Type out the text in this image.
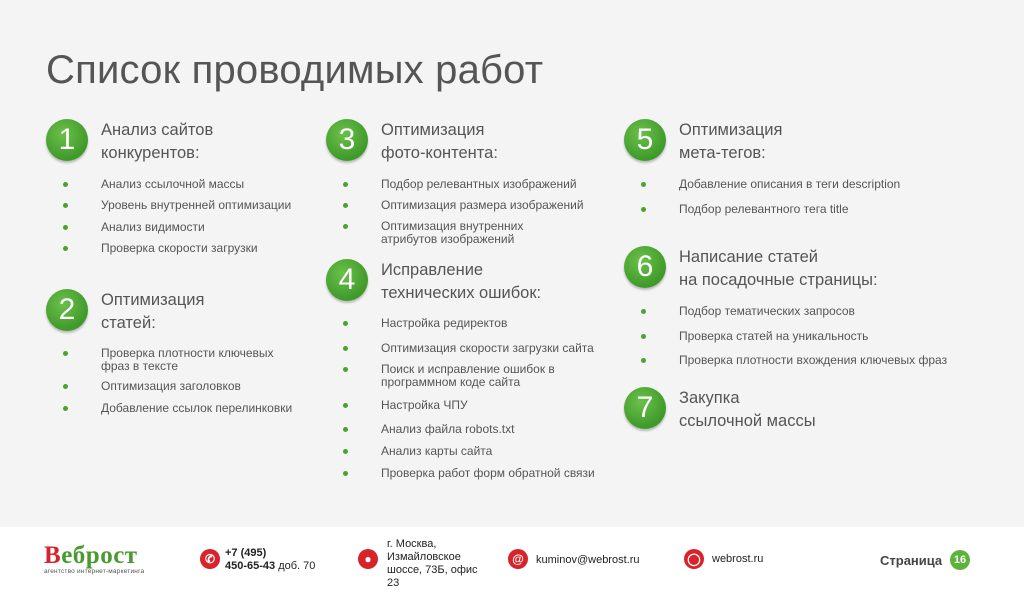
Список проводимых работ
1	Анализ сайтов
конкурентов:
Анализ ссылочной массы
Уровень внутренней оптимизации
Анализ видимости
Проверка скорости загрузки
2	Оптимизация
статей:
Проверка плотности ключевых фраз в тексте
Оптимизация заголовков
Добавление ссылок перелинковки
3	Оптимизация
фото-контента:
Подбор релевантных изображений
Оптимизация размера изображений
Оптимизация внутренних атрибутов изображений
4	Исправление
технических ошибок:
Настройка редиректов
Оптимизация скорости загрузки сайта
Поиск и исправление ошибок в программном коде сайта
Настройка ЧПУ
Анализ файла robots.txt
Анализ карты сайта
Проверка работ форм обратной связи
5	Оптимизация
мета-тегов:
Добавление описания в теги description
Подбор релевантного тега title
6	Написание статей
на посадочные страницы:
Подбор тематических запросов
Проверка статей на уникальность
Проверка плотности вхождения ключевых фраз
7	Закупка
ссылочной массы
Веброст
агентство интернет-маркетинга
✆ +7 (495)
450-65-43 доб. 70	●
г. Москва,
Измайловское
шоссе, 73Б, офис
23
@	kuminov@webrost.ru	◯ webrost.ru	Страница	16
